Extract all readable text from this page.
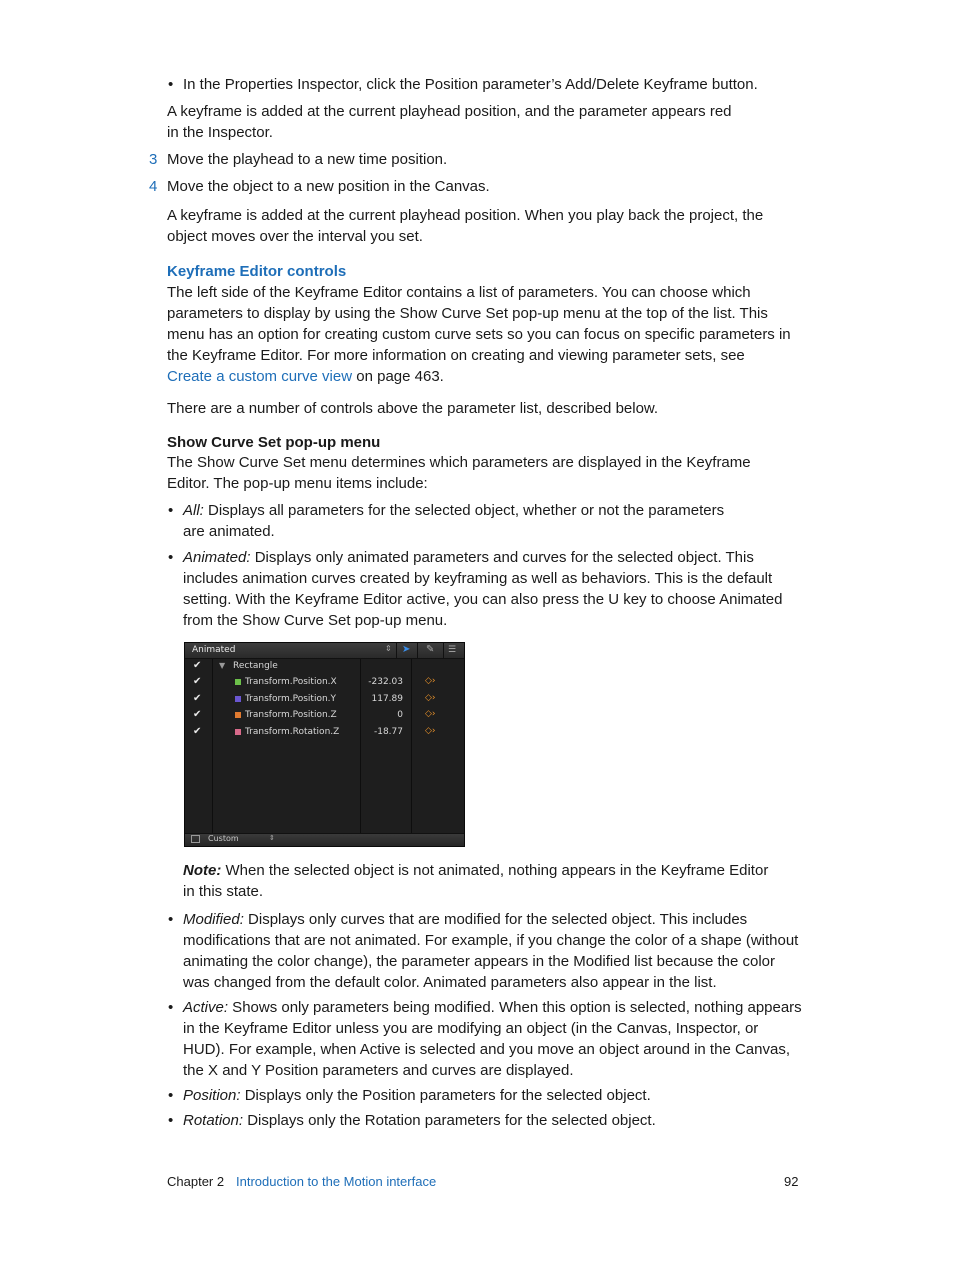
• In the Properties Inspector, click the Position parameter’s Add/Delete Keyframe button.

A keyframe is added at the current playhead position, and the parameter appears red in the Inspector.

3 Move the playhead to a new time position.

4 Move the object to a new position in the Canvas.

A keyframe is added at the current playhead position. When you play back the project, the object moves over the interval you set.

Keyframe Editor controls

The left side of the Keyframe Editor contains a list of parameters. You can choose which parameters to display by using the Show Curve Set pop-up menu at the top of the list. This menu has an option for creating custom curve sets so you can focus on specific parameters in the Keyframe Editor. For more information on creating and viewing parameter sets, see Create a custom curve view on page 463.

There are a number of controls above the parameter list, described below.

Show Curve Set pop-up menu

The Show Curve Set menu determines which parameters are displayed in the Keyframe Editor. The pop-up menu items include:

• All: Displays all parameters for the selected object, whether or not the parameters are animated.

• Animated: Displays only animated parameters and curves for the selected object. This includes animation curves created by keyframing as well as behaviors. This is the default setting. With the Keyframe Editor active, you can also press the U key to choose Animated from the Show Curve Set pop-up menu.

Animated	⇕ ➤ ✎ ☰
✔ ▼ Rectangle
✔	Transform.Position.X	-232.03 ◇›
✔	Transform.Position.Y	117.89 ◇›
✔	Transform.Position.Z	0 ◇›
✔	Transform.Rotation.Z	-18.77 ◇›
Custom	⇕

Note: When the selected object is not animated, nothing appears in the Keyframe Editor in this state.

• Modified: Displays only curves that are modified for the selected object. This includes modifications that are not animated. For example, if you change the color of a shape (without animating the color change), the parameter appears in the Modified list because the color was changed from the default color. Animated parameters also appear in the list.

• Active: Shows only parameters being modified. When this option is selected, nothing appears in the Keyframe Editor unless you are modifying an object (in the Canvas, Inspector, or HUD). For example, when Active is selected and you move an object around in the Canvas, the X and Y Position parameters and curves are displayed.

• Position: Displays only the Position parameters for the selected object.

• Rotation: Displays only the Rotation parameters for the selected object.

Chapter 2 Introduction to the Motion interface	92
